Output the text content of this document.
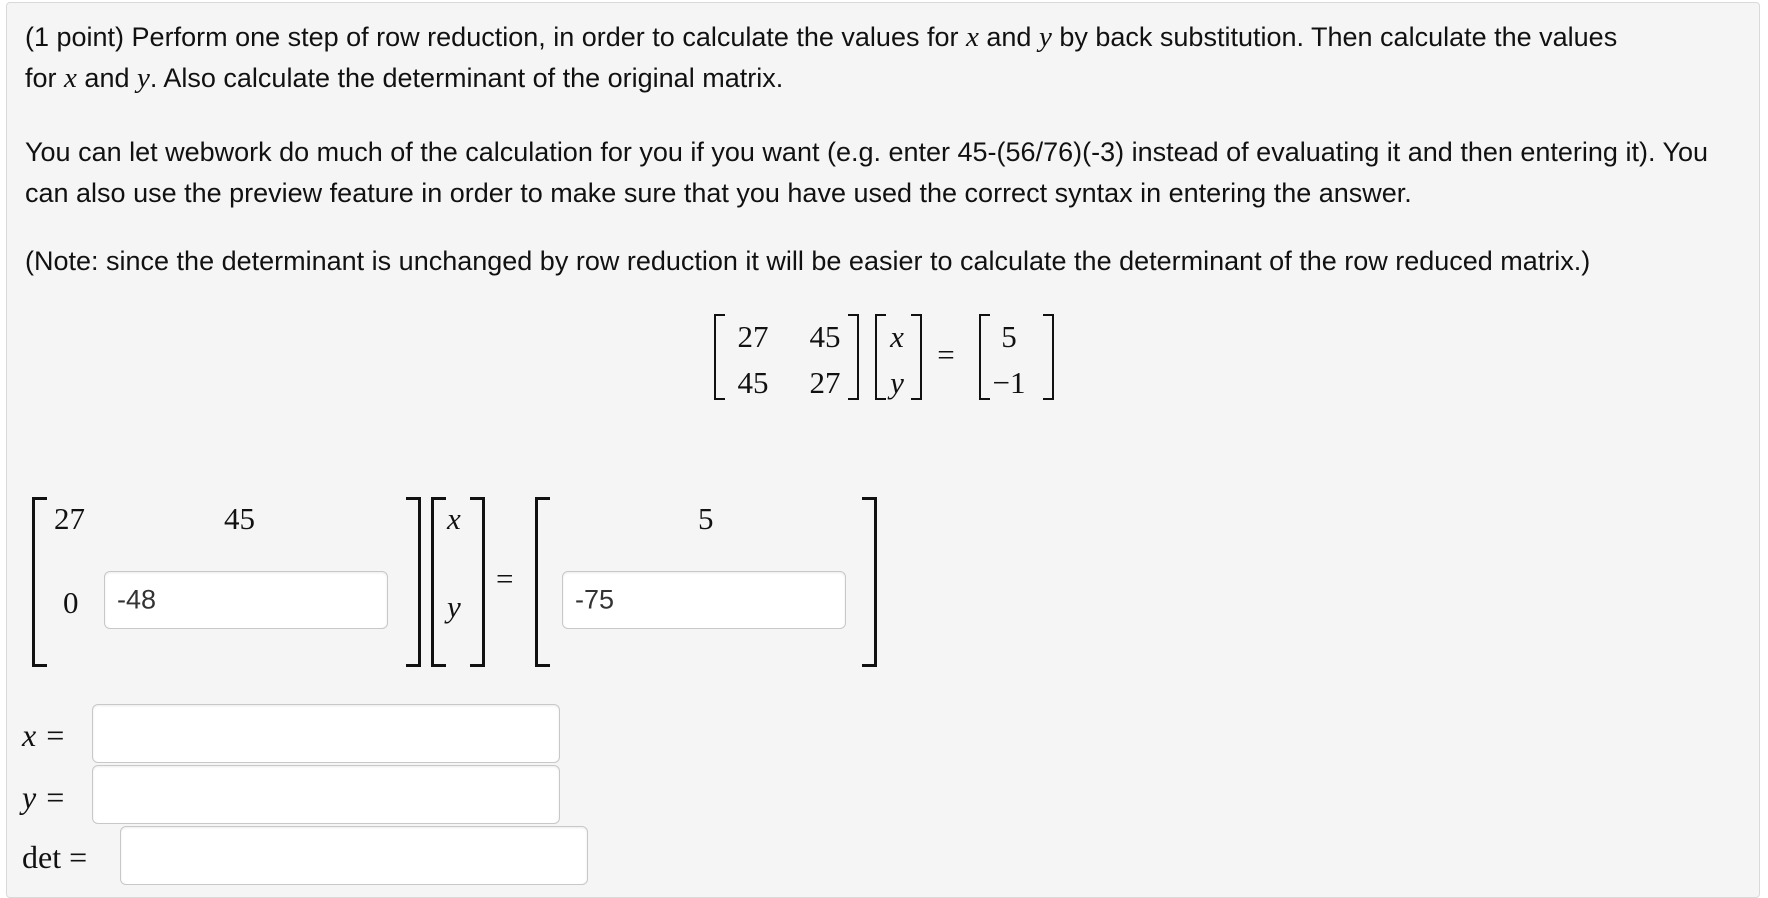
(1 point) Perform one step of row reduction, in order to calculate the values for x and y by back substitution. Then calculate the values
for x and y. Also calculate the determinant of the original matrix.

You can let webwork do much of the calculation for you if you want (e.g. enter 45-(56/76)(-3) instead of evaluating it and then entering it). You can also use the preview feature in order to make sure that you have used the correct syntax in entering the answer.

(Note: since the determinant is unchanged by row reduction it will be easier to calculate the determinant of the row reduced matrix.)

27 45
45 27
x
y
=
5
−1
27	45
0 -48
x
y
=
5
-75
x =
y =
det =
